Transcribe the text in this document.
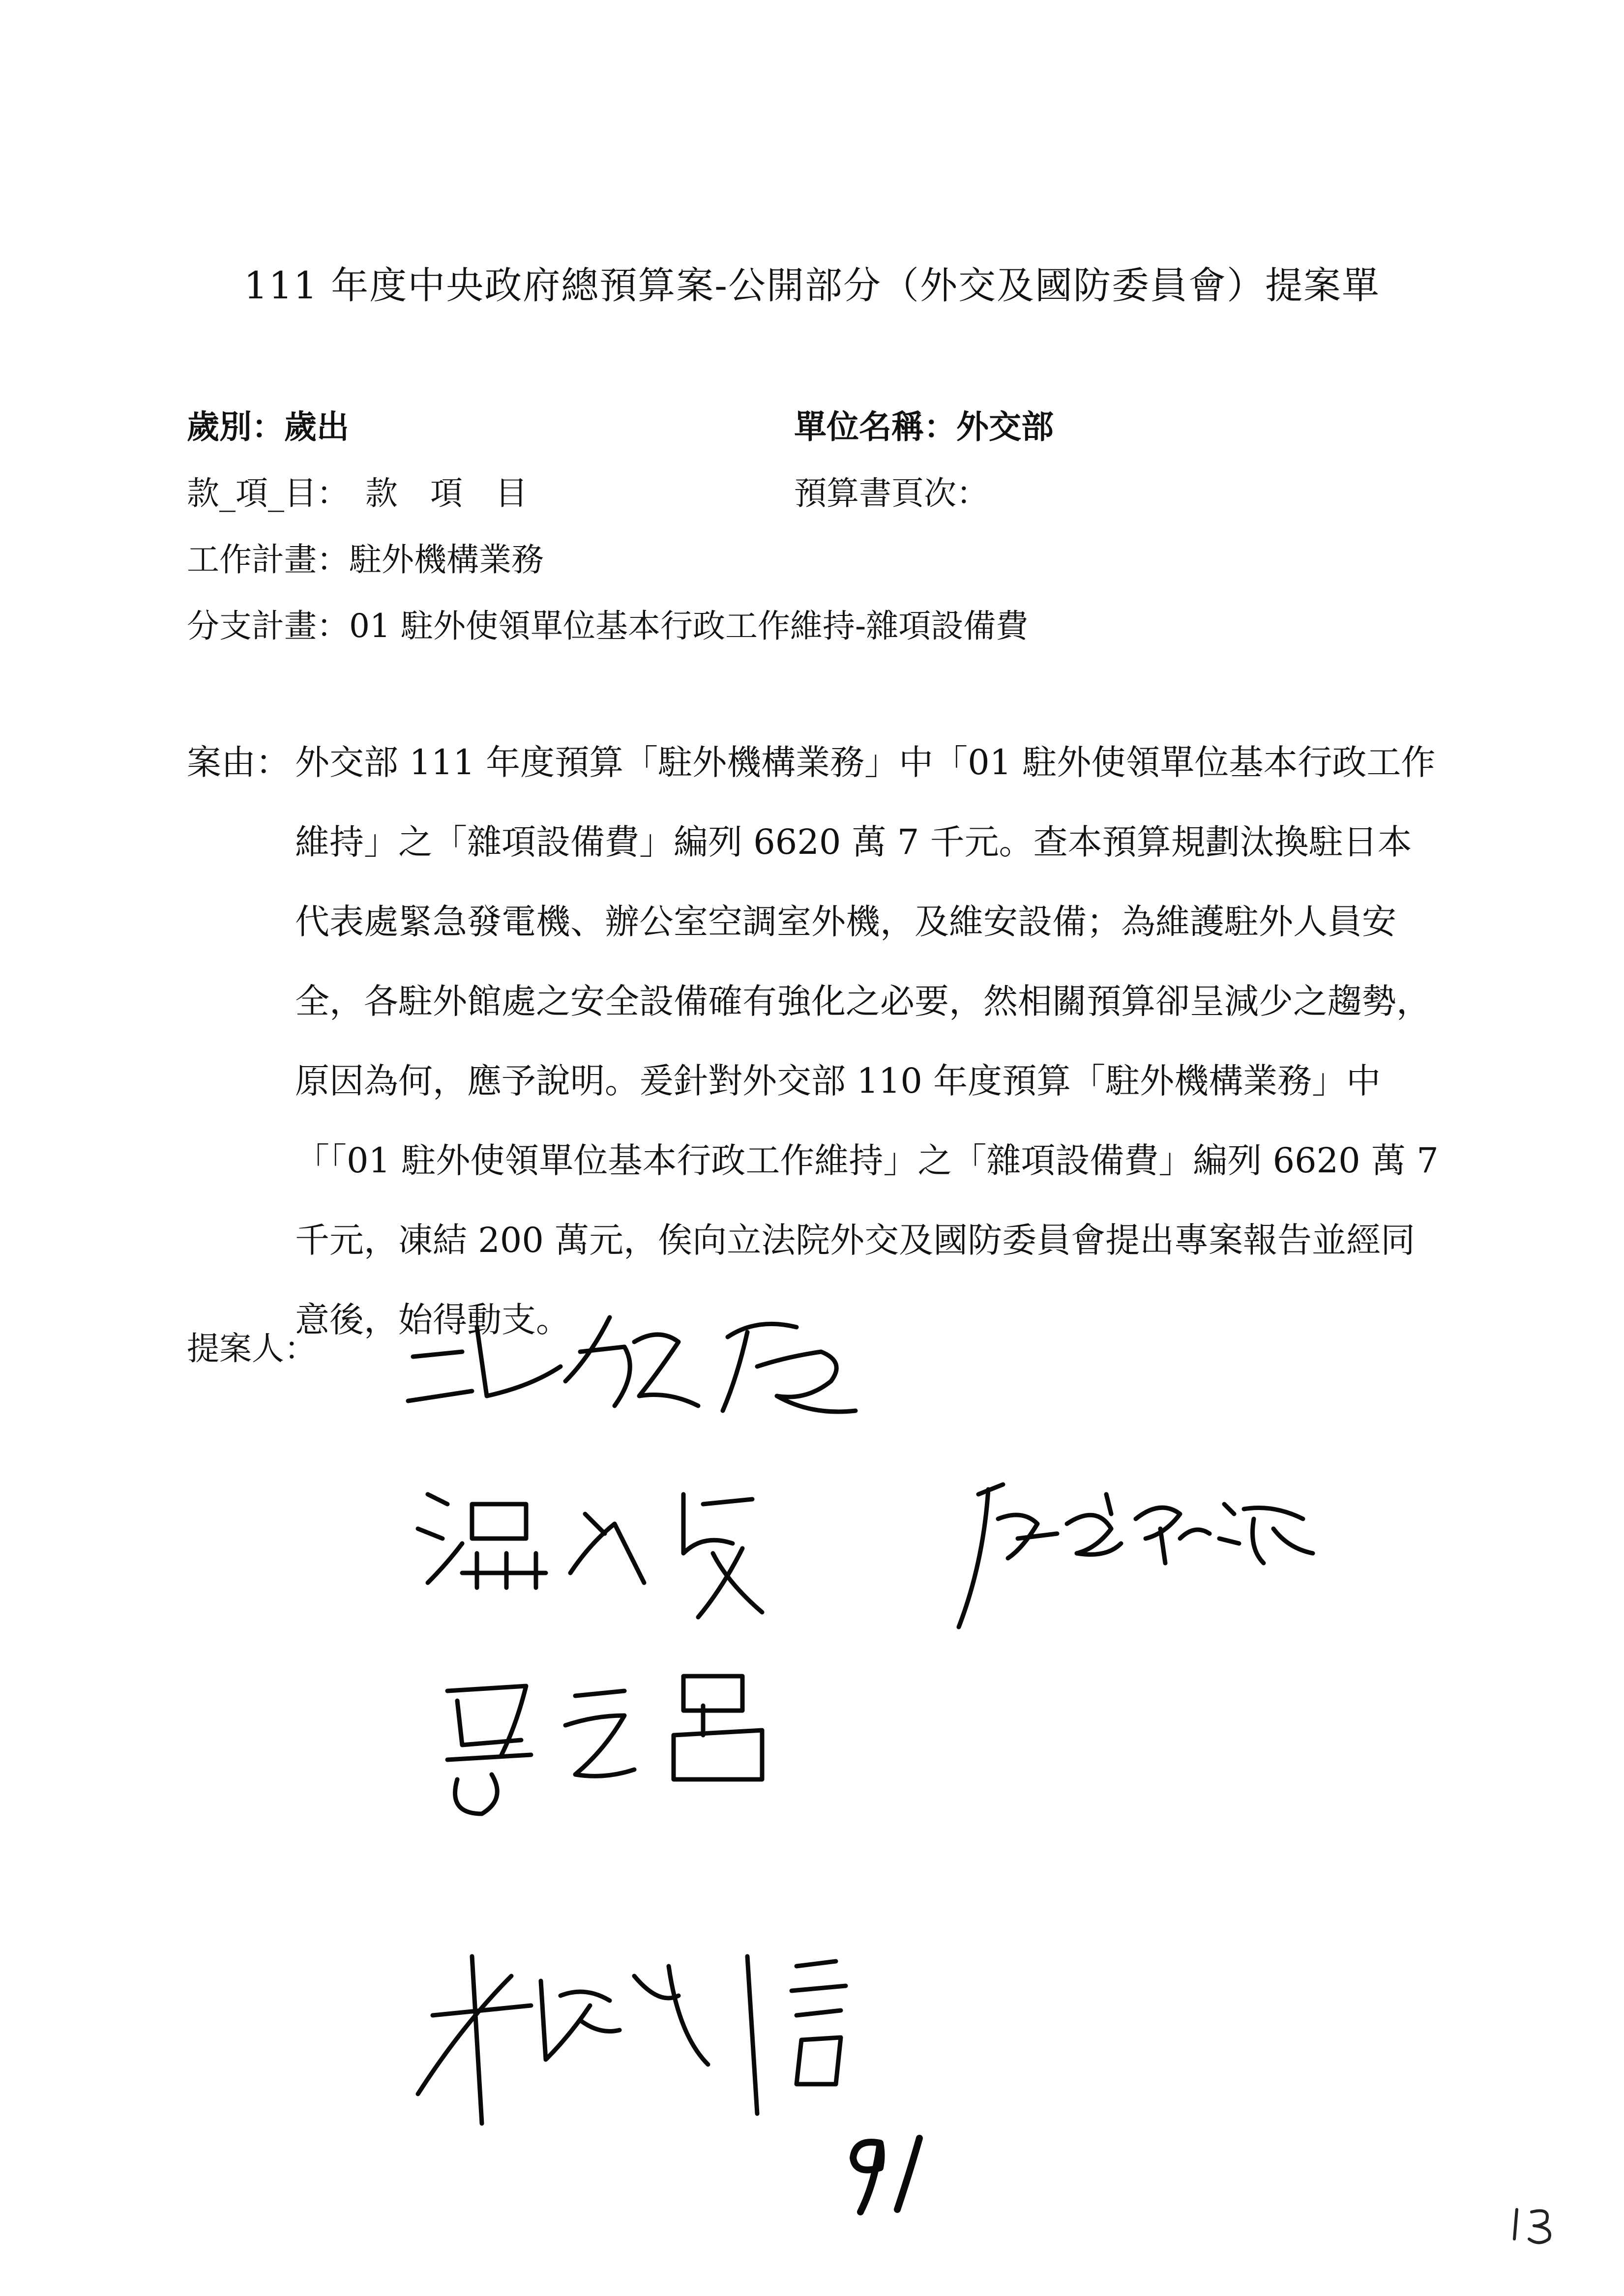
111 年度中央政府總預算案-公開部分（外交及國防委員會）提案單
歲別：歲出	單位名稱：外交部
款_項_目：　款　項　目	預算書頁次：
工作計畫：駐外機構業務
分支計畫：01 駐外使領單位基本行政工作維持-雜項設備費
案由： 外交部 111 年度預算「駐外機構業務」中「01 駐外使領單位基本行政工作維持」之「雜項設備費」編列 6620 萬 7 千元。查本預算規劃汰換駐日本代表處緊急發電機、辦公室空調室外機，及維安設備；為維護駐外人員安全，各駐外館處之安全設備確有強化之必要，然相關預算卻呈減少之趨勢，原因為何，應予說明。爰針對外交部 110 年度預算「駐外機構業務」中「「01 駐外使領單位基本行政工作維持」之「雜項設備費」編列 6620 萬 7 千元，凍結 200 萬元，俟向立法院外交及國防委員會提出專案報告並經同意後，始得動支。
提案人：
